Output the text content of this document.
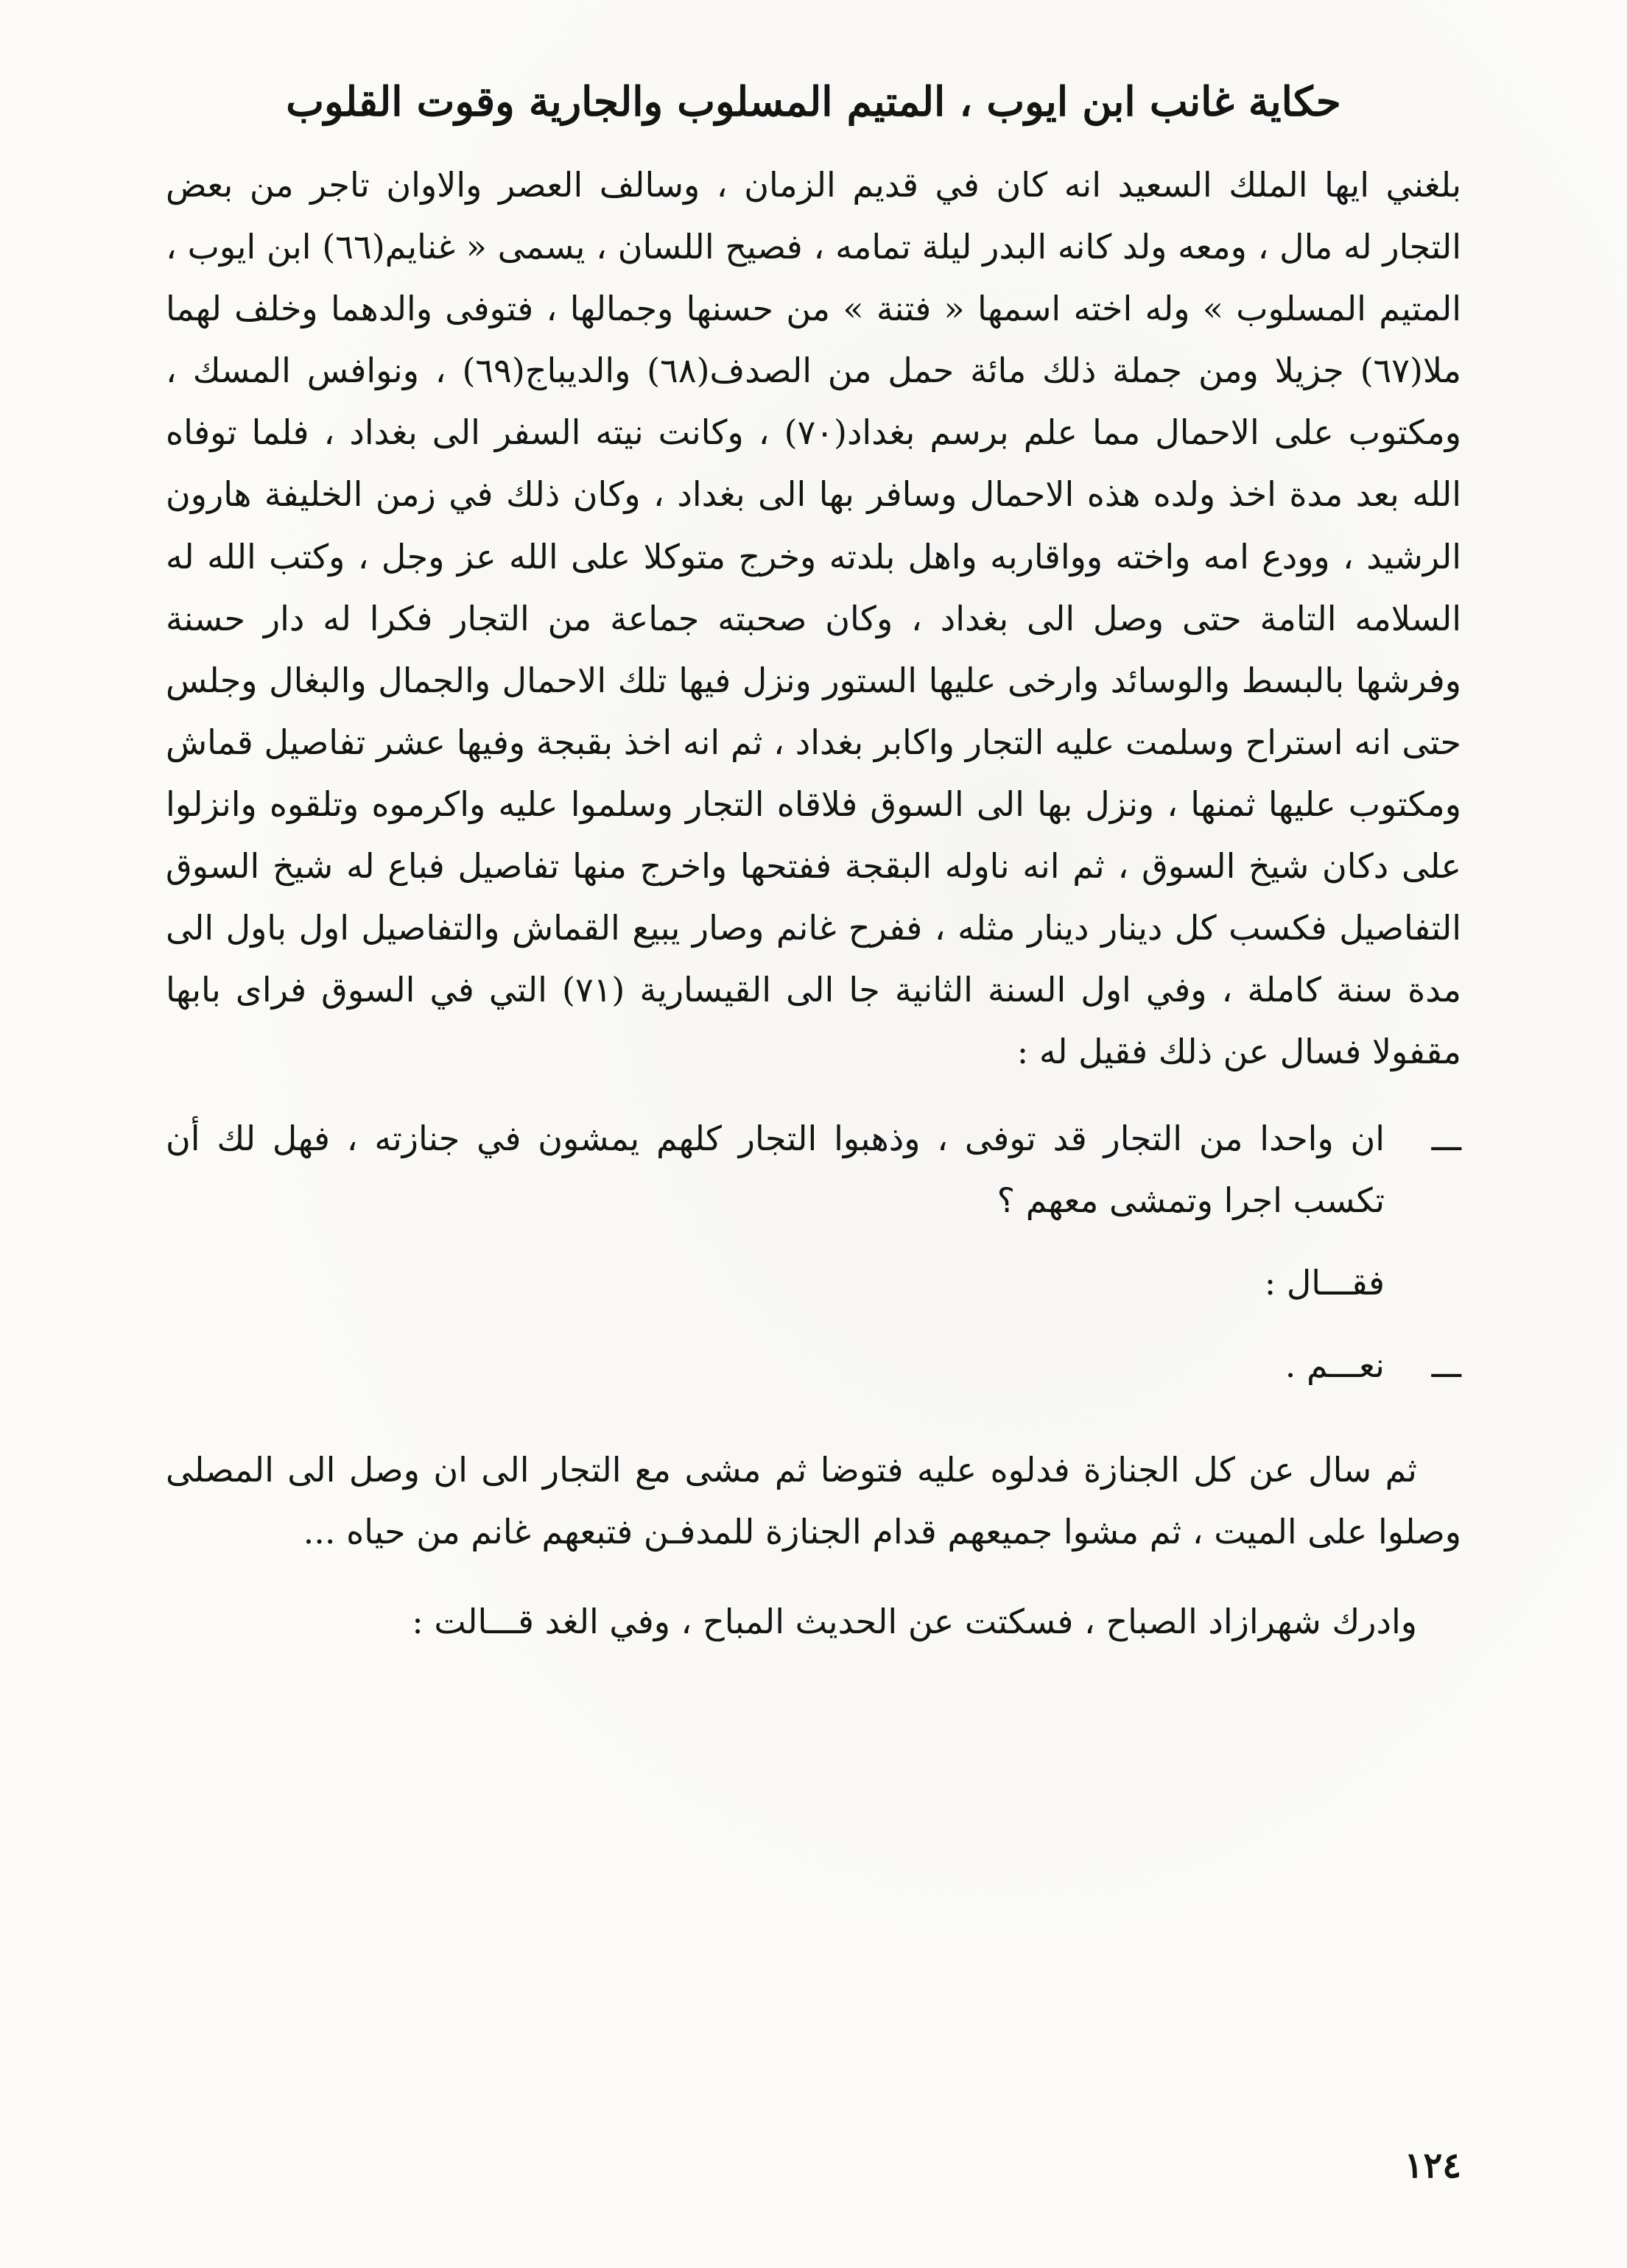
حكاية غانب ابن ايوب ، المتيم المسلوب والجارية وقوت القلوب

بلغني ايها الملك السعيد انه كان في قديم الزمان ، وسالف العصر والاوان تاجر من بعض التجار له مال ، ومعه ولد كانه البدر ليلة تمامه ، فصيح اللسان ، يسمى « غنايم(٦٦) ابن ايوب ، المتيم المسلوب » وله اخته اسمها « فتنة » من حسنها وجمالها ، فتوفى والدهما وخلف لهما ملا(٦٧) جزيلا ومن جملة ذلك مائة حمل من الصدف(٦٨) والديباج(٦٩) ، ونوافس المسك ، ومكتوب على الاحمال مما علم برسم بغداد(٧٠) ، وكانت نيته السفر الى بغداد ، فلما توفاه الله بعد مدة اخذ ولده هذه الاحمال وسافر بها الى بغداد ، وكان ذلك في زمن الخليفة هارون الرشيد ، وودع امه واخته وواقاربه واهل بلدته وخرج متوكلا على الله عز وجل ، وكتب الله له السلامه التامة حتى وصل الى بغداد ، وكان صحبته جماعة من التجار فكرا له دار حسنة وفرشها بالبسط والوسائد وارخى عليها الستور ونزل فيها تلك الاحمال والجمال والبغال وجلس حتى انه استراح وسلمت عليه التجار واكابر بغداد ، ثم انه اخذ بقبجة وفيها عشر تفاصيل قماش ومكتوب عليها ثمنها ، ونزل بها الى السوق فلاقاه التجار وسلموا عليه واكرموه وتلقوه وانزلوا على دكان شيخ السوق ، ثم انه ناوله البقجة ففتحها واخرج منها تفاصيل فباع له شيخ السوق التفاصيل فكسب كل دينار دينار مثله ، ففرح غانم وصار يبيع القماش والتفاصيل اول باول الى مدة سنة كاملة ، وفي اول السنة الثانية جا الى القيسارية (٧١) التي في السوق فراى بابها مقفولا فسال عن ذلك فقيل له :

ـــ
ان واحدا من التجار قد توفى ، وذهبوا التجار كلهم يمشون في جنازته ، فهل لك أن تكسب اجرا وتمشى معهم ؟
فقـــال :
ـــ
نعـــم .

ثم سال عن كل الجنازة فدلوه عليه فتوضا ثم مشى مع التجار الى ان وصل الى المصلى وصلوا على الميت ، ثم مشوا جميعهم قدام الجنازة للمدفـن فتبعهم غانم من حياه ...

وادرك شهرازاد الصباح ، فسكتت عن الحديث المباح ، وفي الغد قـــالت :

١٢٤
